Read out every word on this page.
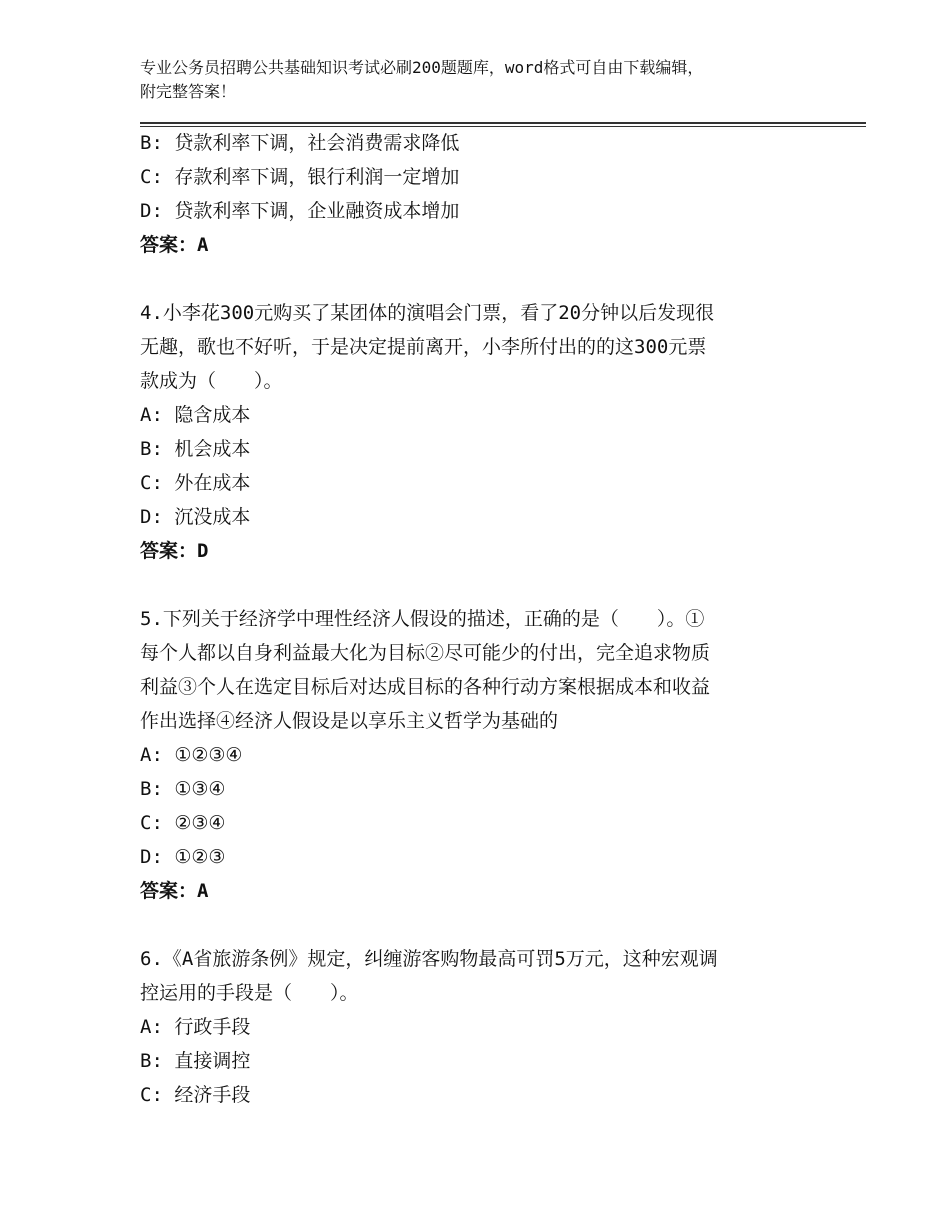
专业公务员招聘公共基础知识考试必刷200题题库，word格式可自由下载编辑，
附完整答案！
B: 贷款利率下调，社会消费需求降低
C: 存款利率下调，银行利润一定增加
D: 贷款利率下调，企业融资成本增加
答案：A
4.小李花300元购买了某团体的演唱会门票，看了20分钟以后发现很
无趣，歌也不好听，于是决定提前离开，小李所付出的的这300元票
款成为（　　）。
A: 隐含成本
B: 机会成本
C: 外在成本
D: 沉没成本
答案：D
5.下列关于经济学中理性经济人假设的描述，正确的是（　　）。①
每个人都以自身利益最大化为目标②尽可能少的付出，完全追求物质
利益③个人在选定目标后对达成目标的各种行动方案根据成本和收益
作出选择④经济人假设是以享乐主义哲学为基础的
A: ①②③④
B: ①③④
C: ②③④
D: ①②③
答案：A
6.《A省旅游条例》规定，纠缠游客购物最高可罚5万元，这种宏观调
控运用的手段是（　　）。
A: 行政手段
B: 直接调控
C: 经济手段
